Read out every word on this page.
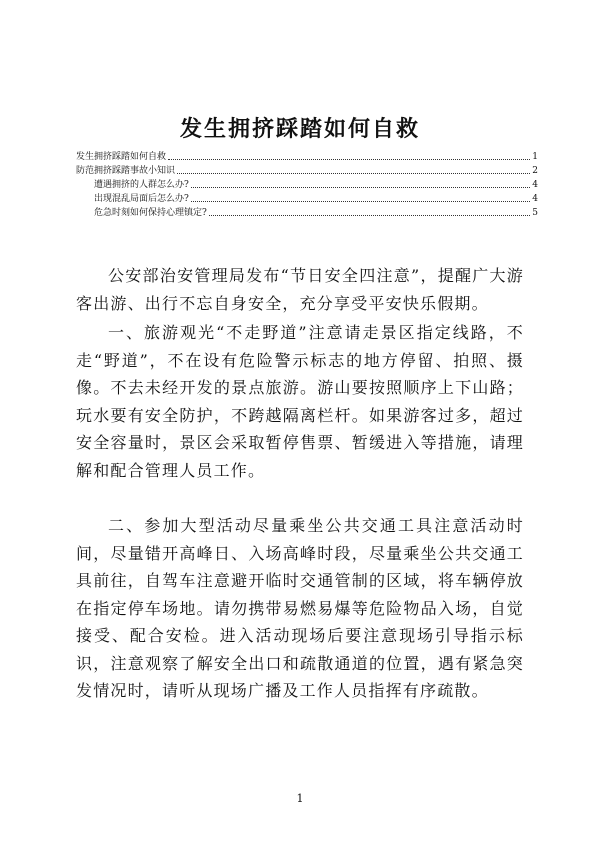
发生拥挤踩踏如何自救
发生拥挤踩踏如何自救	1
防范拥挤踩踏事故小知识	2
遭遇拥挤的人群怎么办?	4
出现混乱局面后怎么办?	4
危急时刻如何保持心理镇定?	5

公安部治安管理局发布“节日安全四注意”，提醒广大游客出游、出行不忘自身安全，充分享受平安快乐假期。

一、旅游观光“不走野道”注意请走景区指定线路，不走“野道”，不在设有危险警示标志的地方停留、拍照、摄像。不去未经开发的景点旅游。游山要按照顺序上下山路；玩水要有安全防护，不跨越隔离栏杆。如果游客过多，超过安全容量时，景区会采取暂停售票、暂缓进入等措施，请理解和配合管理人员工作。

二、参加大型活动尽量乘坐公共交通工具注意活动时间，尽量错开高峰日、入场高峰时段，尽量乘坐公共交通工具前往，自驾车注意避开临时交通管制的区域，将车辆停放在指定停车场地。请勿携带易燃易爆等危险物品入场，自觉接受、配合安检。进入活动现场后要注意现场引导指示标识，注意观察了解安全出口和疏散通道的位置，遇有紧急突发情况时，请听从现场广播及工作人员指挥有序疏散。

1
